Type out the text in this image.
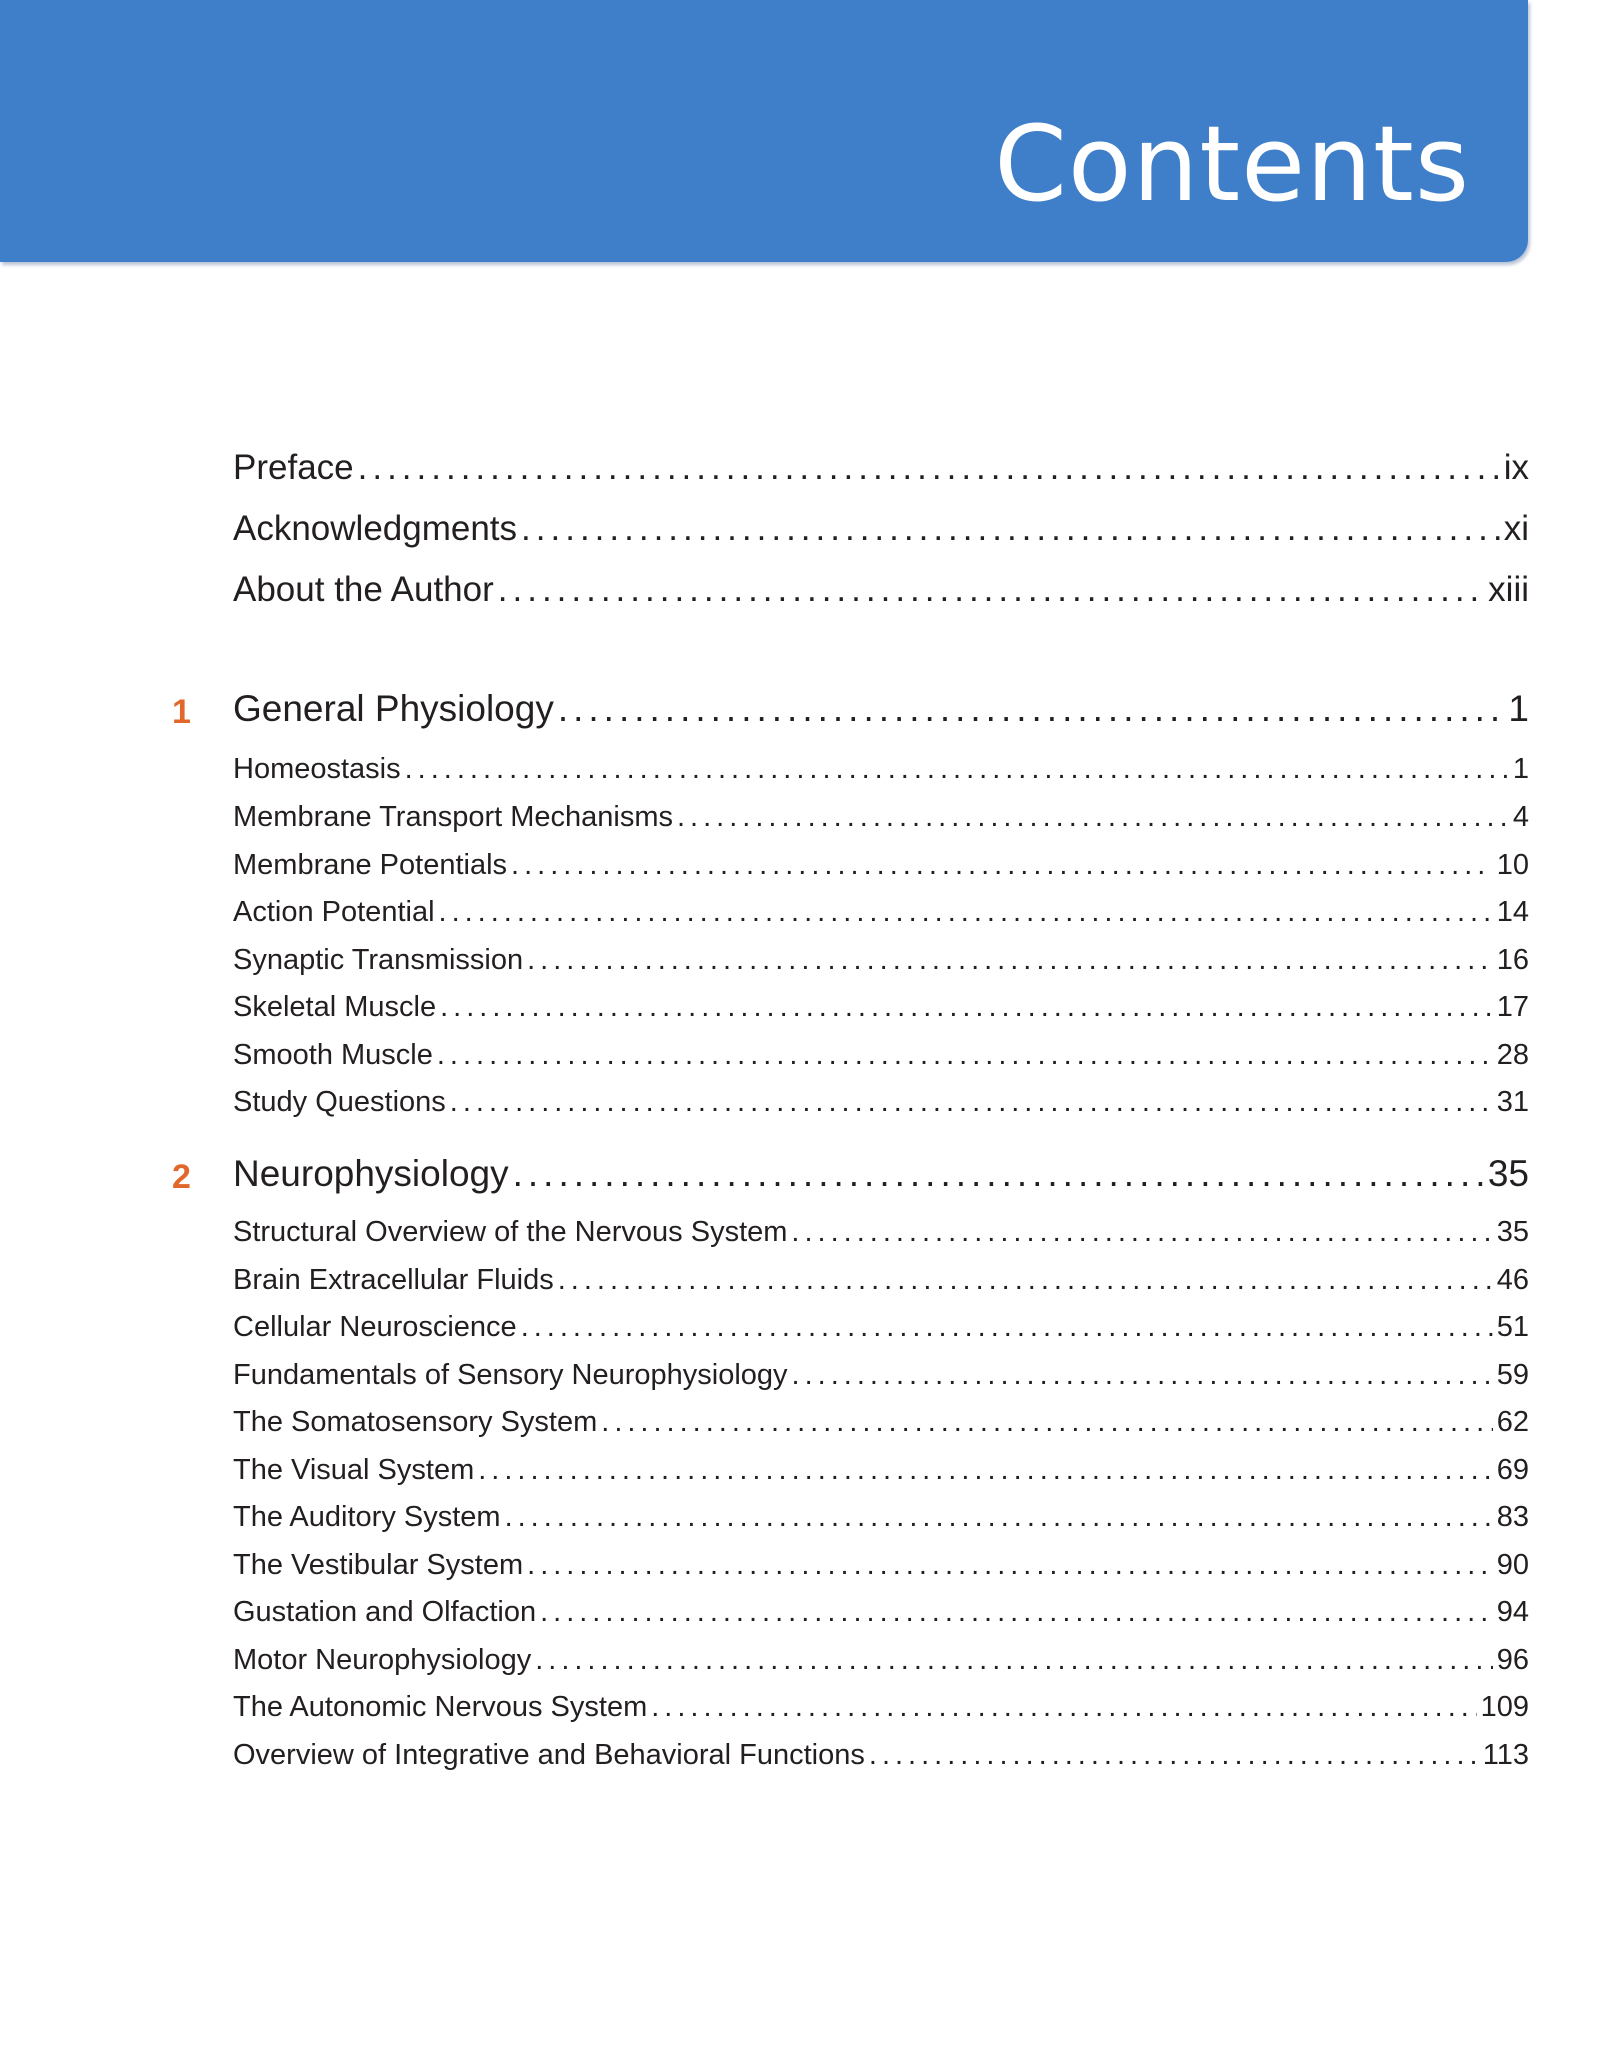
Contents
Preface .....	ix
Acknowledgments .....	xi
About the Author .....	xiii
1 General Physiology .....	1
Homeostasis .....	1
Membrane Transport Mechanisms .....	4
Membrane Potentials .....	10
Action Potential .....	14
Synaptic Transmission .....	16
Skeletal Muscle .....	17
Smooth Muscle .....	28
Study Questions .....	31
2 Neurophysiology .....	35
Structural Overview of the Nervous System .....	35
Brain Extracellular Fluids .....	46
Cellular Neuroscience .....	51
Fundamentals of Sensory Neurophysiology .....	59
The Somatosensory System .....	62
The Visual System .....	69
The Auditory System .....	83
The Vestibular System .....	90
Gustation and Olfaction .....	94
Motor Neurophysiology .....	96
The Autonomic Nervous System .....	109
Overview of Integrative and Behavioral Functions .....	113
